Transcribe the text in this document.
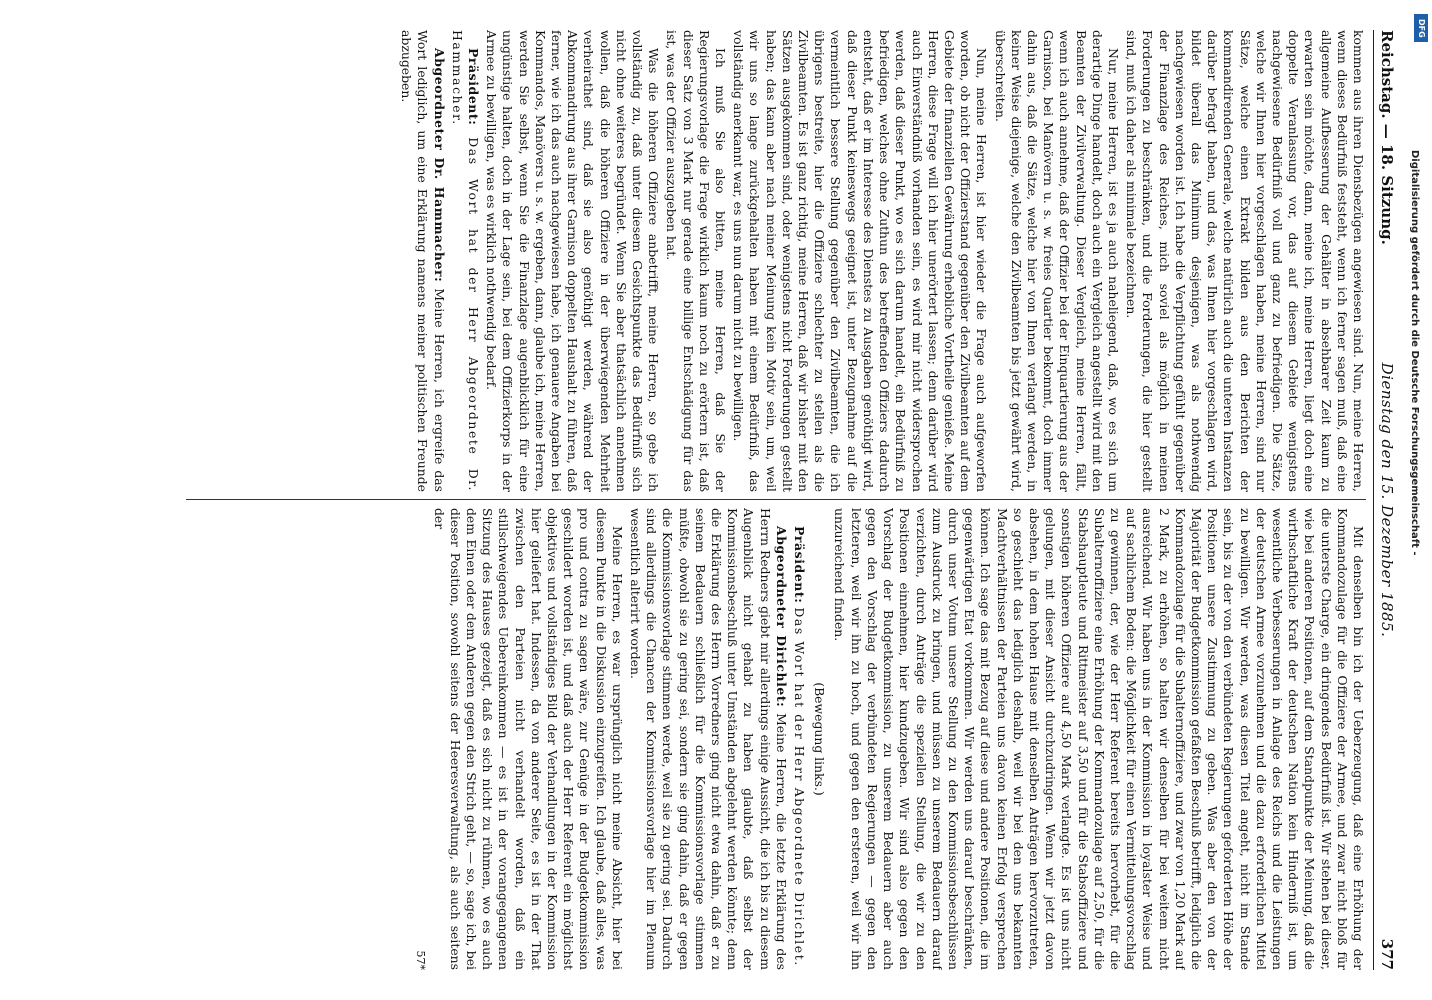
Reichstag. — 18. Sitzung.
Dienstag den 15. Dezember 1885.
377

kommen aus ihren Diensbezügen angewiesen sind. Nun, meine Herren, wenn dieses Bedürfniß feststeht, wenn ich ferner sagen muß, daß eine allgemeine Aufbesserung der Gehälter in absehbarer Zeit kaum zu erwarten sein möchte, dann, meine ich, meine Herren, liegt doch eine doppelte Veranlassung vor, das auf diesem Gebiete wenigstens nachgewiesene Bedürfniß voll und ganz zu befriedigen. Die Sätze, welche wir Ihnen hier vorgeschlagen haben, meine Herren, sind nur Sätze, welche einen Extrakt bilden aus den Berichten der kommandirenden Generale, welche natürlich auch die unteren Instanzen darüber befragt haben, und das, was Ihnen hier vorgeschlagen wird, bildet überall das Minimum desjenigen, was als nothwendig nachgewiesen worden ist. Ich habe die Verpflichtung gefühlt gegenüber der Finanzlage des Reiches, mich soviel als möglich in meinen Forderungen zu beschränken, und die Forderungen, die hier gestellt sind, muß ich daher als minimale bezeichnen.

Nur, meine Herren, ist es ja auch naheliegend, daß, wo es sich um derartige Dinge handelt, doch auch ein Vergleich angestellt wird mit den Beamten der Zivilverwaltung. Dieser Vergleich, meine Herren, fällt, wenn ich auch annehme, daß der Offizier bei der Einquartierung aus der Garnison, bei Manövern u. s. w. freies Quartier bekommt, doch immer dahin aus, daß die Sätze, welche hier von Ihnen verlangt werden, in keiner Weise diejenige, welche den Zivilbeamten bis jetzt gewährt wird, überschreiten.

Nun, meine Herren, ist hier wieder die Frage auch aufgeworfen worden, ob nicht der Offizierstand gegenüber den Zivilbeamten auf dem Gebiete der finanziellen Gewährung erhebliche Vortheile genieße. Meine Herren, diese Frage will ich hier unerörtert lassen; denn darüber wird auch Einverständniß vorhanden sein, es wird mir nicht widersprochen werden, daß dieser Punkt, wo es sich darum handelt, ein Bedürfniß zu befriedigen, welches ohne Zuthun des betreffenden Offiziers dadurch entsteht, daß er im Interesse des Dienstes zu Ausgaben genöthigt wird, daß dieser Punkt keineswegs geeignet ist, unter Bezugnahme auf die vermeintlich bessere Stellung gegenüber den Zivilbeamten, die ich übrigens bestreite, hier die Offiziere schlechter zu stellen als die Zivilbeamten. Es ist ganz richtig, meine Herren, daß wir bisher mit den Sätzen ausgekommen sind, oder wenigstens nicht Forderungen gestellt haben; das kann aber nach meiner Meinung kein Motiv sein, um, weil wir uns so lange zurückgehalten haben mit einem Bedürfniß, das vollständig anerkannt war, es uns nun darum nicht zu bewilligen.

Ich muß Sie also bitten, meine Herren, daß Sie der Regierungsvorlage die Frage wirklich kaum noch zu erörtern ist, daß dieser Satz von 3 Mark nur gerade eine billige Entschädigung für das ist, was der Offizier auszugeben hat.

Was die höheren Offiziere anbetrifft, meine Herren, so gebe ich vollständig zu, daß unter diesem Gesichtspunkte das Bedürfniß sich nicht ohne weiteres begründet. Wenn Sie aber thatsächlich annehmen wollen, daß die höheren Offiziere in der überwiegenden Mehrheit verheirathet sind, daß sie also genöthigt werden, während der Abkommandirung aus ihrer Garnison doppelten Haushalt zu führen, daß ferner, wie ich das auch nachgewiesen habe, ich genauere Angaben bei Kommandos, Manövers u. s. w. ergeben, dann, glaube ich, meine Herren, werden Sie selbst, wenn Sie die Finanzlage augenblicklich für eine ungünstige halten, doch in der Lage sein, bei dem Offizierkorps in der Armee zu bewilligen, was es wirklich nothwendig bedarf.

Präsident: Das Wort hat der Herr Abgeordnete Dr. Hammacher.

Abgeordneter Dr. Hammacher: Meine Herren, ich ergreife das Wort lediglich, um eine Erklärung namens meiner politischen Freunde abzugeben.

Mit denselben bin ich der Ueberzeugung, daß eine Erhöhung der Kommandozulage für die Offiziere der Armee, und zwar nicht bloß für die unterste Charge, ein dringendes Bedürfniß ist. Wir stehen bei dieser, wie bei anderen Positionen, auf dem Standpunkte der Meinung, daß die wirthschaftliche Kraft der deutschen Nation kein Hinderniß ist, um wesentliche Verbesserungen in Anlage des Reichs und die Leistungen der deutschen Armee vorzunehmen und die dazu erforderlichen Mittel zu bewilligen. Wir werden, was diesen Titel angeht, nicht im Stande sein, bis zu der von den verbündeten Regierungen geforderten Höhe der Positionen unsere Zustimmung zu geben. Was aber den von der Majorität der Budgetkommission gefaßten Beschluß betrifft, lediglich die Kommandozulage für die Subalternoffiziere, und zwar von 1,20 Mark auf 2 Mark, zu erhöhen, so halten wir denselben für bei weitem nicht ausreichend. Wir haben uns in der Kommission in loyalster Weise und auf sachlichem Boden: die Möglichkeit für einen Vermittelungsvorschlag zu gewinnen, der, wie der Herr Referent bereits hervorhebt, für die Subalternoffiziere eine Erhöhung der Kommandozulage auf 2,50, für die Stabshauptleute und Rittmeister auf 3,50 und für die Stabsoffiziere und sonstigen höheren Offiziere auf 4,50 Mark verlangte. Es ist uns nicht gelungen, mit dieser Ansicht durchzudringen. Wenn wir jetzt davon absehen, in dem hohen Hause mit denselben Anträgen hervorzutreten, so geschieht das lediglich deshalb, weil wir bei den uns bekannten Machtverhältnissen der Parteien uns davon keinen Erfolg versprechen können. Ich sage das mit Bezug auf diese und andere Positionen, die im gegenwärtigen Etat vorkommen. Wir werden uns darauf beschränken, durch unser Votum unsere Stellung zu den Kommissionsbeschlüssen zum Ausdruck zu bringen, und müssen zu unserem Bedauern darauf verzichten, durch Anträge die speziellen Stellung, die wir zu den Positionen einnehmen, hier kundzugeben. Wir sind also gegen den Vorschlag der Budgetkommission, zu unserem Bedauern aber auch gegen den Vorschlag der verbündeten Regierungen — gegen den letzteren, weil wir ihn zu hoch, und gegen den ersteren, weil wir ihn unzureichend finden.

(Bewegung links.)

Präsident: Das Wort hat der Herr Abgeordnete Dirichlet.

Abgeordneter Dirichlet: Meine Herren, die letzte Erklärung des Herrn Redners giebt mir allerdings einige Aussicht, die ich bis zu diesem Augenblick nicht gehabt zu haben glaubte, daß selbst der Kommissionsbeschluß unter Umständen abgelehnt werden könnte; denn die Erklärung des Herrn Vorredners ging nicht etwa dahin, daß er zu seinem Bedauern schließlich für die Kommissionsvorlage stimmen müßte, obwohl sie zu gering sei, sondern sie ging dahin, daß er gegen die Kommissionsvorlage stimmen werde, weil sie zu gering sei. Dadurch sind allerdings die Chancen der Kommissionsvorlage hier im Plenum wesentlich alterirt worden.

Meine Herren, es war ursprünglich nicht meine Absicht, hier bei diesem Punkte in die Diskussion einzugreifen. Ich glaube, daß alles, was pro und contra zu sagen wäre, zur Genüge in der Budgetkommission geschildert worden ist, und daß auch der Herr Referent ein möglichst objektives und vollständiges Bild der Verhandlungen in der Kommission hier geliefert hat. Indessen, da von anderer Seite, es ist in der That zwischen den Parteien nicht verhandelt worden, daß ein stillschweigendes Uebereinkommen — es ist in der vorangegangenen Sitzung des Hauses gezeigt, daß es sich nicht zu rühmen, wo es auch dem Einen oder dem Anderen gegen den Strich geht, — so, sage ich, bei dieser Position, sowohl seitens der Heeresverwaltung, als auch seitens der

57*
DFG
Digitalisierung gefördert durch die Deutsche Forschungsgemeinschaft -
